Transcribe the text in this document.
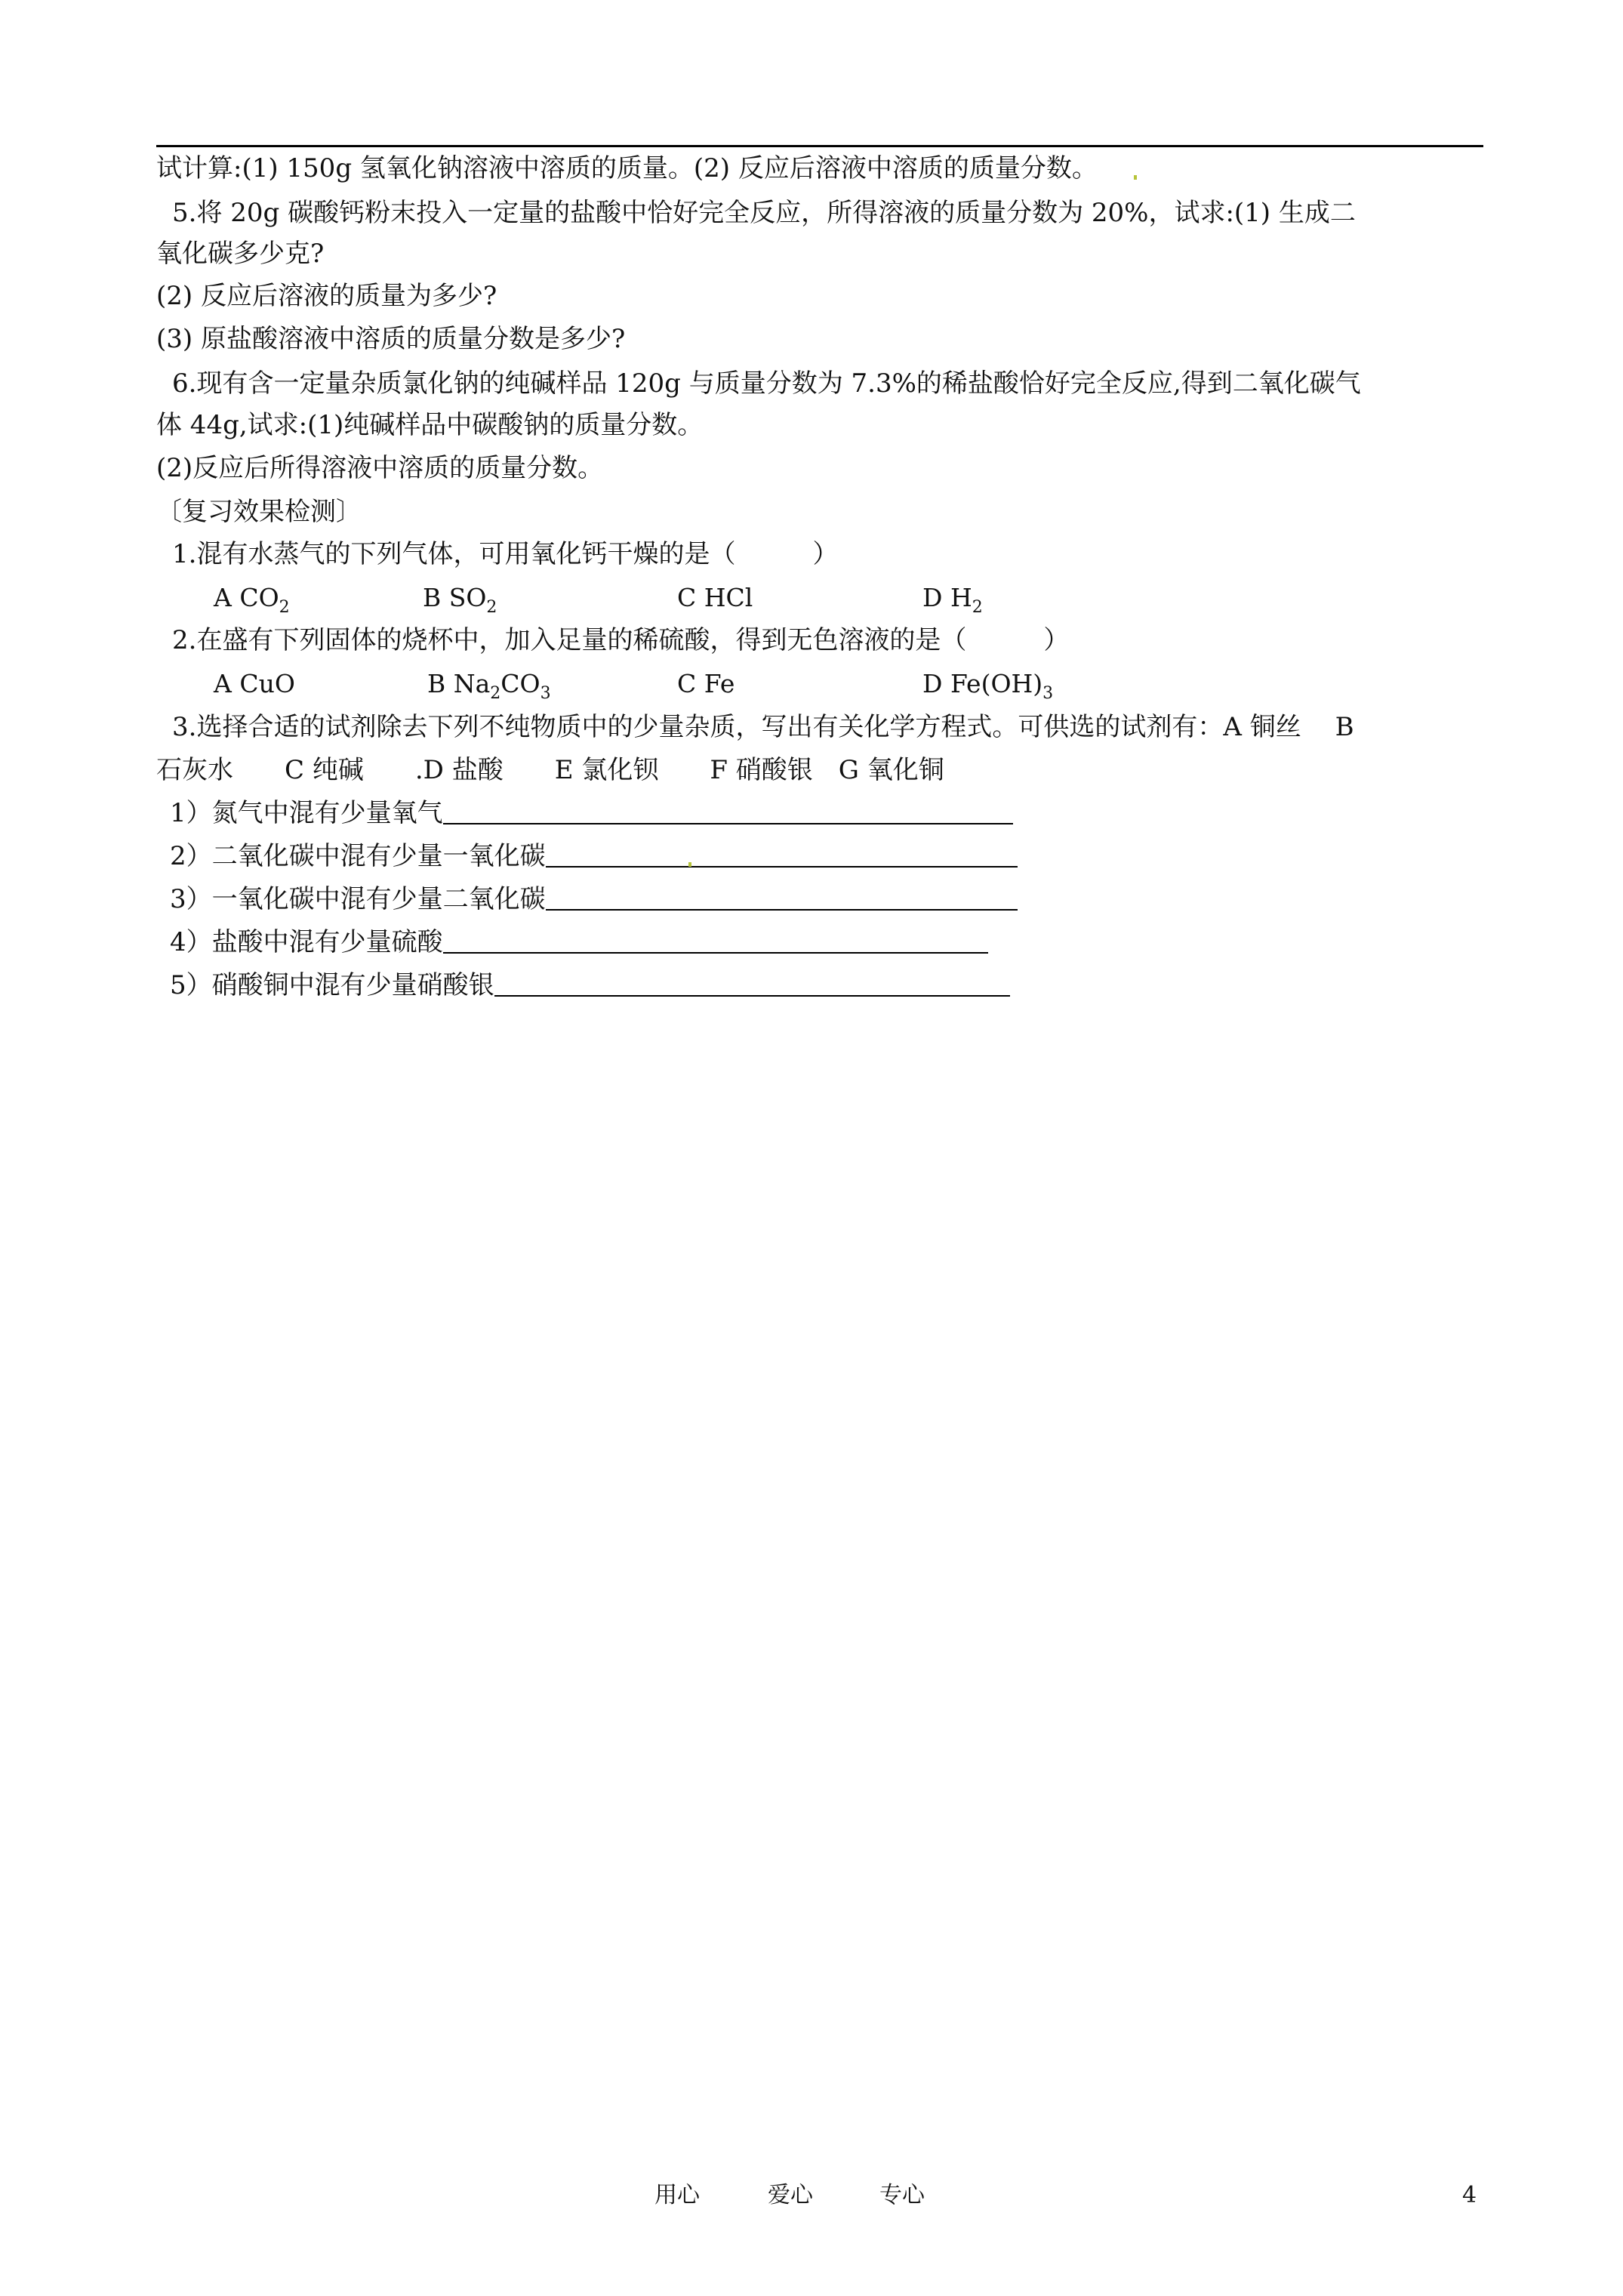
试计算:(1) 150g 氢氧化钠溶液中溶质的质量。(2) 反应后溶液中溶质的质量分数。
5.将 20g 碳酸钙粉末投入一定量的盐酸中恰好完全反应，所得溶液的质量分数为 20%，试求:(1) 生成二
氧化碳多少克?
(2) 反应后溶液的质量为多少?
(3) 原盐酸溶液中溶质的质量分数是多少?
6.现有含一定量杂质氯化钠的纯碱样品 120g 与质量分数为 7.3%的稀盐酸恰好完全反应,得到二氧化碳气
体 44g,试求:(1)纯碱样品中碳酸钠的质量分数。
(2)反应后所得溶液中溶质的质量分数。
〔复习效果检测〕
1.混有水蒸气的下列气体，可用氧化钙干燥的是（　　　）
A $CO_2$	B $SO_2$	C HCl	D $H_2$
2.在盛有下列固体的烧杯中，加入足量的稀硫酸，得到无色溶液的是（　　　）
A CuO	B $Na_2CO_3$	C Fe	D $Fe(OH)_3$
3.选择合适的试剂除去下列不纯物质中的少量杂质，写出有关化学方程式。可供选的试剂有：A 铜丝　 B
石灰水　　C 纯碱　　.D 盐酸　　E 氯化钡　　F 硝酸银　G 氧化铜
1）氮气中混有少量氧气
2）二氧化碳中混有少量一氧化碳
3）一氧化碳中混有少量二氧化碳
4）盐酸中混有少量硫酸
5）硝酸铜中混有少量硝酸银
用心	爱心	专心	4
